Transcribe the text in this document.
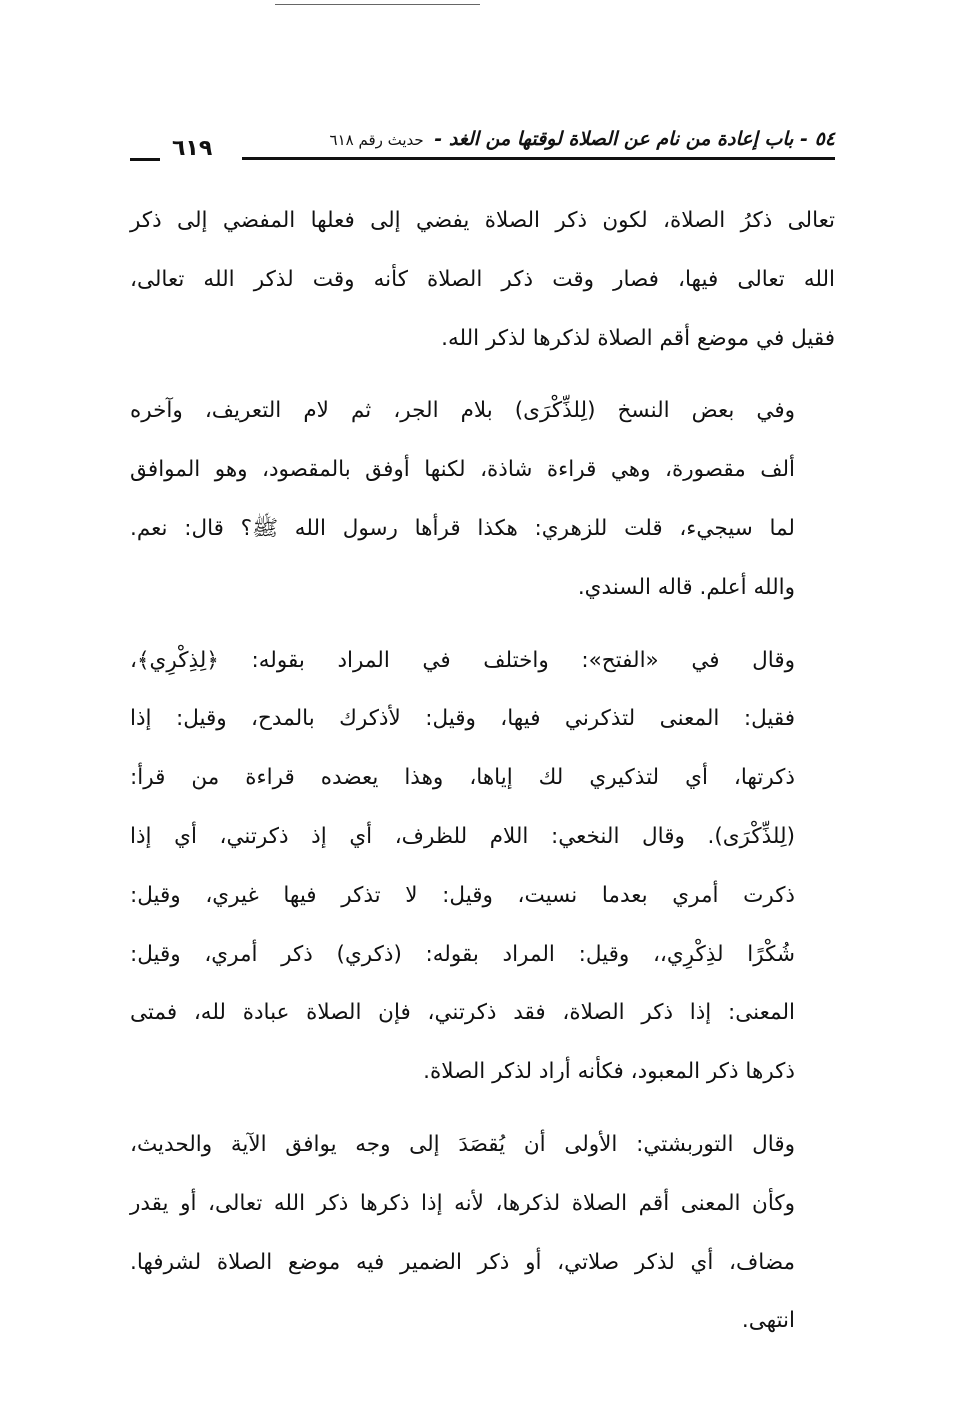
٥٤ - باب إعادة من نام عن الصلاة لوقتها من الغد - حديث رقم ٦١٨
٦١٩

تعالى ذكرُ الصلاة، لكون ذكر الصلاة يفضي إلى فعلها المفضي إلى ذكر
الله تعالى فيها، فصار وقت ذكر الصلاة كأنه وقت لذكر الله تعالى،
فقيل في موضع أقم الصلاة لذكرها لذكر الله.

وفي بعض النسخ (لِلذِّكْرَى) بلام الجر، ثم لام التعريف، وآخره
ألف مقصورة، وهي قراءة شاذة، لكنها أوفق بالمقصود، وهو الموافق
لما سيجيء، قلت للزهري: هكذا قرأها رسول الله ﷺ؟ قال: نعم.
والله أعلم. قاله السندي.

وقال في «الفتح»: واختلف في المراد بقوله: ﴿لِذِكْرِي﴾،
فقيل: المعنى لتذكرني فيها، وقيل: لأذكرك بالمدح، وقيل: إذا
ذكرتها، أي لتذكيري لك إياها، وهذا يعضده قراءة من قرأ:
(لِلذِّكْرَى). وقال النخعي: اللام للظرف، أي إذ ذكرتني، أي إذا
ذكرت أمري بعدما نسيت، وقيل: لا تذكر فيها غيري، وقيل:
شُكْرًا لذِكْرِي،، وقيل: المراد بقوله: (ذكري) ذكر أمري، وقيل:
المعنى: إذا ذكر الصلاة، فقد ذكرتني، فإن الصلاة عبادة لله، فمتى
ذكرها ذكر المعبود، فكأنه أراد لذكر الصلاة.

وقال التوربشتي: الأولى أن يُقصَدَ إلى وجه يوافق الآية والحديث،
وكأن المعنى أقم الصلاة لذكرها، لأنه إذا ذكرها ذكر الله تعالى، أو يقدر
مضاف، أي لذكر صلاتي، أو ذكر الضمير فيه موضع الصلاة لشرفها.
انتهى.
